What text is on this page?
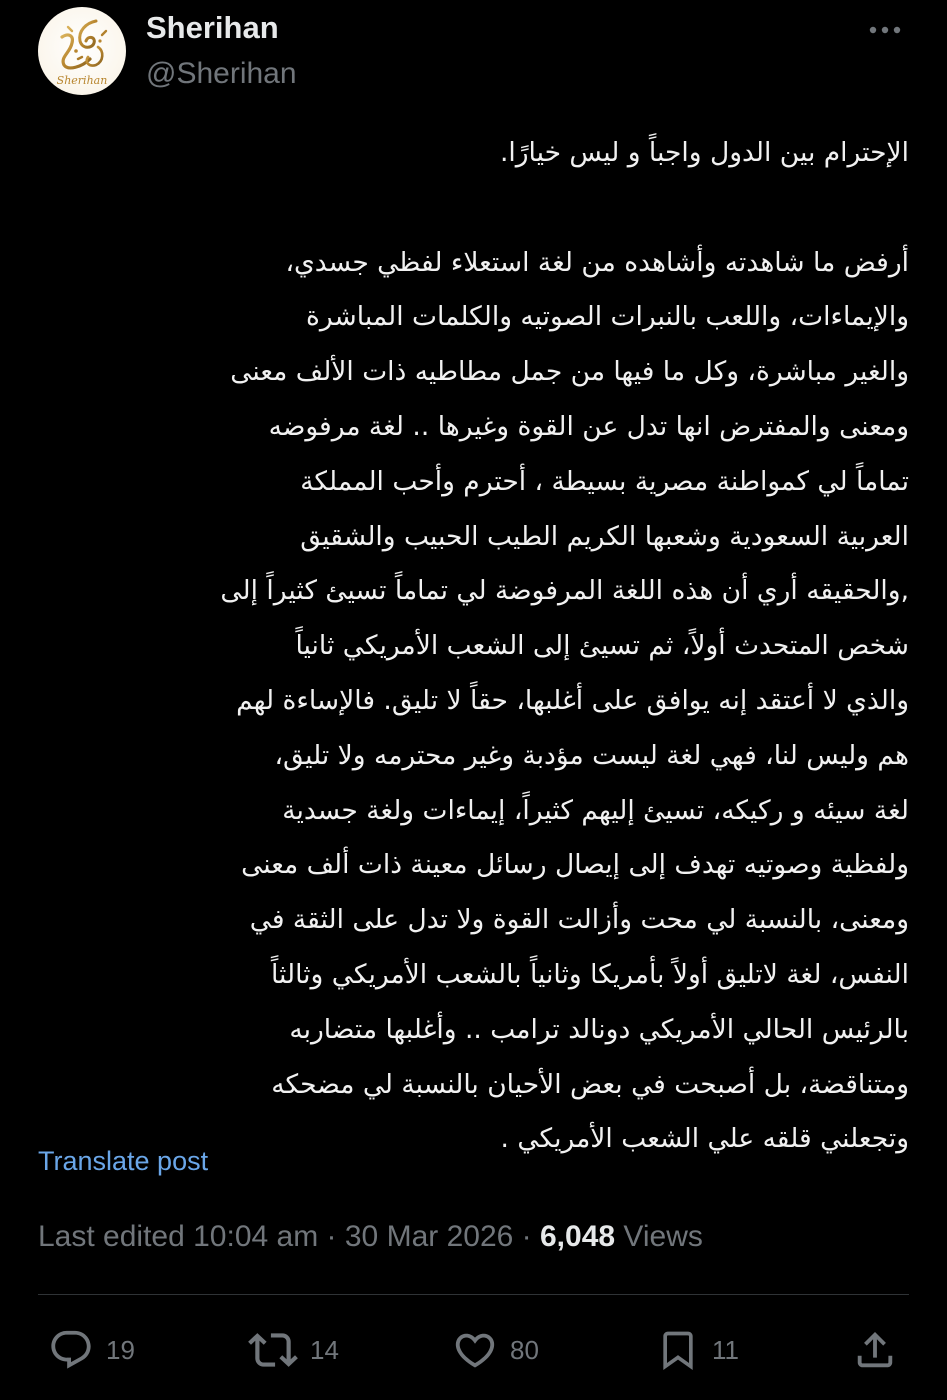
Sherihan
Sherihan
@Sherihan
الإحترام بين الدول واجباً و ليس خيارًا.
أرفض ما شاهدته وأشاهده من لغة استعلاء لفظي جسدي،
والإيماءات، واللعب بالنبرات الصوتيه والكلمات المباشرة
والغير مباشرة، وكل ما فيها من جمل مطاطيه ذات الألف معنى
ومعنى والمفترض انها تدل عن القوة وغيرها .. لغة مرفوضه
تماماً لي كمواطنة مصرية بسيطة ، أحترم وأحب المملكة
العربية السعودية وشعبها الكريم الطيب الحبيب والشقيق
,والحقيقه أري أن هذه اللغة المرفوضة لي تماماً تسيئ كثيراً إلى
شخص المتحدث أولاً، ثم تسيئ إلى الشعب الأمريكي ثانياً
والذي لا أعتقد إنه يوافق على أغلبها، حقاً لا تليق. فالإساءة لهم
هم وليس لنا، فهي لغة ليست مؤدبة وغير محترمه ولا تليق،
لغة سيئه و ركيكه، تسيئ إليهم كثيراً، إيماءات ولغة جسدية
ولفظية وصوتيه تهدف إلى إيصال رسائل معينة ذات ألف معنى
ومعنى، بالنسبة لي محت وأزالت القوة ولا تدل على الثقة في
النفس، لغة لاتليق أولاً بأمريكا وثانياً بالشعب الأمريكي وثالثاً
بالرئيس الحالي الأمريكي دونالد ترامب .. وأغلبها متضاربه
ومتناقضة، بل أصبحت في بعض الأحيان بالنسبة لي مضحكه
وتجعلني قلقه علي الشعب الأمريكي .
Translate post
Last edited 10:04 am · 30 Mar 2026 · 6,048 Views
19	14	80	11
